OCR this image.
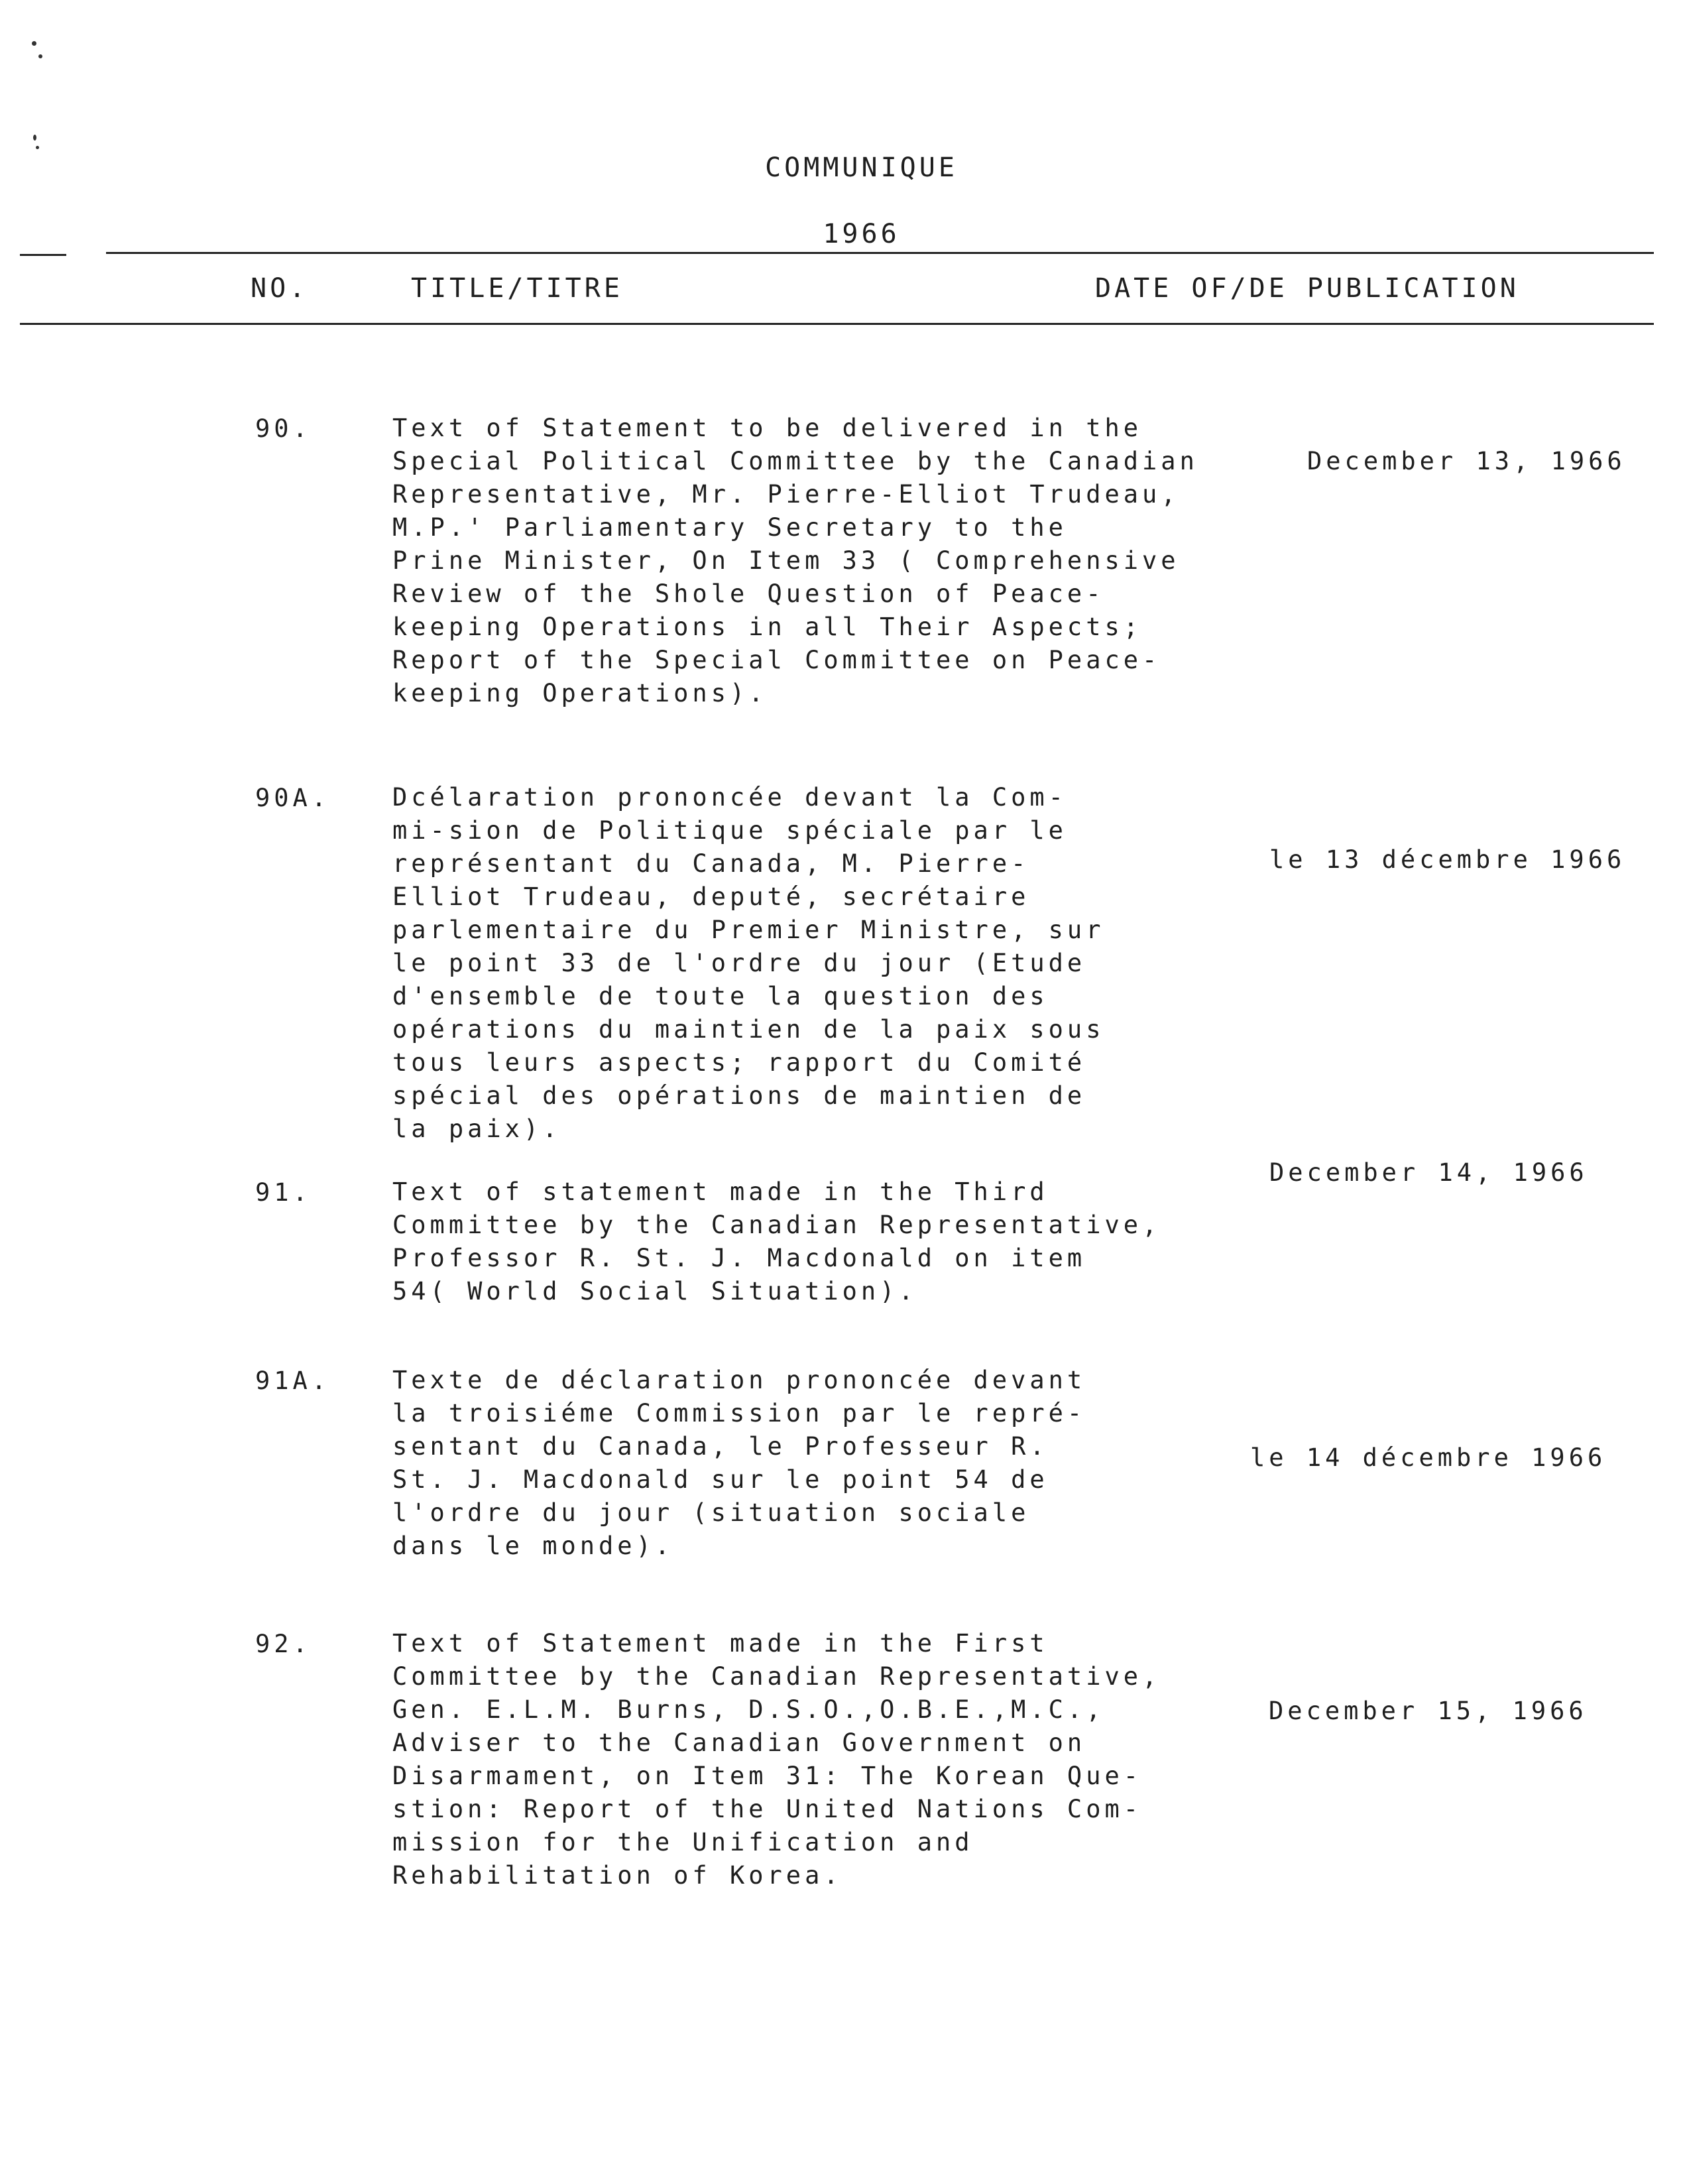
COMMUNIQUE
1966
NO.	TITLE/TITRE	DATE OF/DE PUBLICATION
90.	Text of Statement to be delivered in the
Special Political Committee by the Canadian
Representative, Mr. Pierre-Elliot Trudeau,
M.P.' Parliamentary Secretary to the
Prine Minister, On Item 33 ( Comprehensive
Review of the Shole Question of Peace-
keeping Operations in all Their Aspects;
Report of the Special Committee on Peace-
keeping Operations).
December 13, 1966
90A.	Dcélaration prononcée devant la Com-
mi-sion de Politique spéciale par le
représentant du Canada, M. Pierre-
Elliot Trudeau, deputé, secrétaire
parlementaire du Premier Ministre, sur
le point 33 de l'ordre du jour (Etude
d'ensemble de toute la question des
opérations du maintien de la paix sous
tous leurs aspects; rapport du Comité
spécial des opérations de maintien de
la paix).
le 13 décembre 1966
91.	Text of statement made in the Third
Committee by the Canadian Representative,
Professor R. St. J. Macdonald on item
54( World Social Situation).
December 14, 1966
91A.	Texte de déclaration prononcée devant
la troisiéme Commission par le repré-
sentant du Canada, le Professeur R.
St. J. Macdonald sur le point 54 de
l'ordre du jour (situation sociale
dans le monde).
le 14 décembre 1966
92.	Text of Statement made in the First
Committee by the Canadian Representative,
Gen. E.L.M. Burns, D.S.O.,O.B.E.,M.C.,
Adviser to the Canadian Government on
Disarmament, on Item 31: The Korean Que-
stion: Report of the United Nations Com-
mission for the Unification and
Rehabilitation of Korea.
December 15, 1966
